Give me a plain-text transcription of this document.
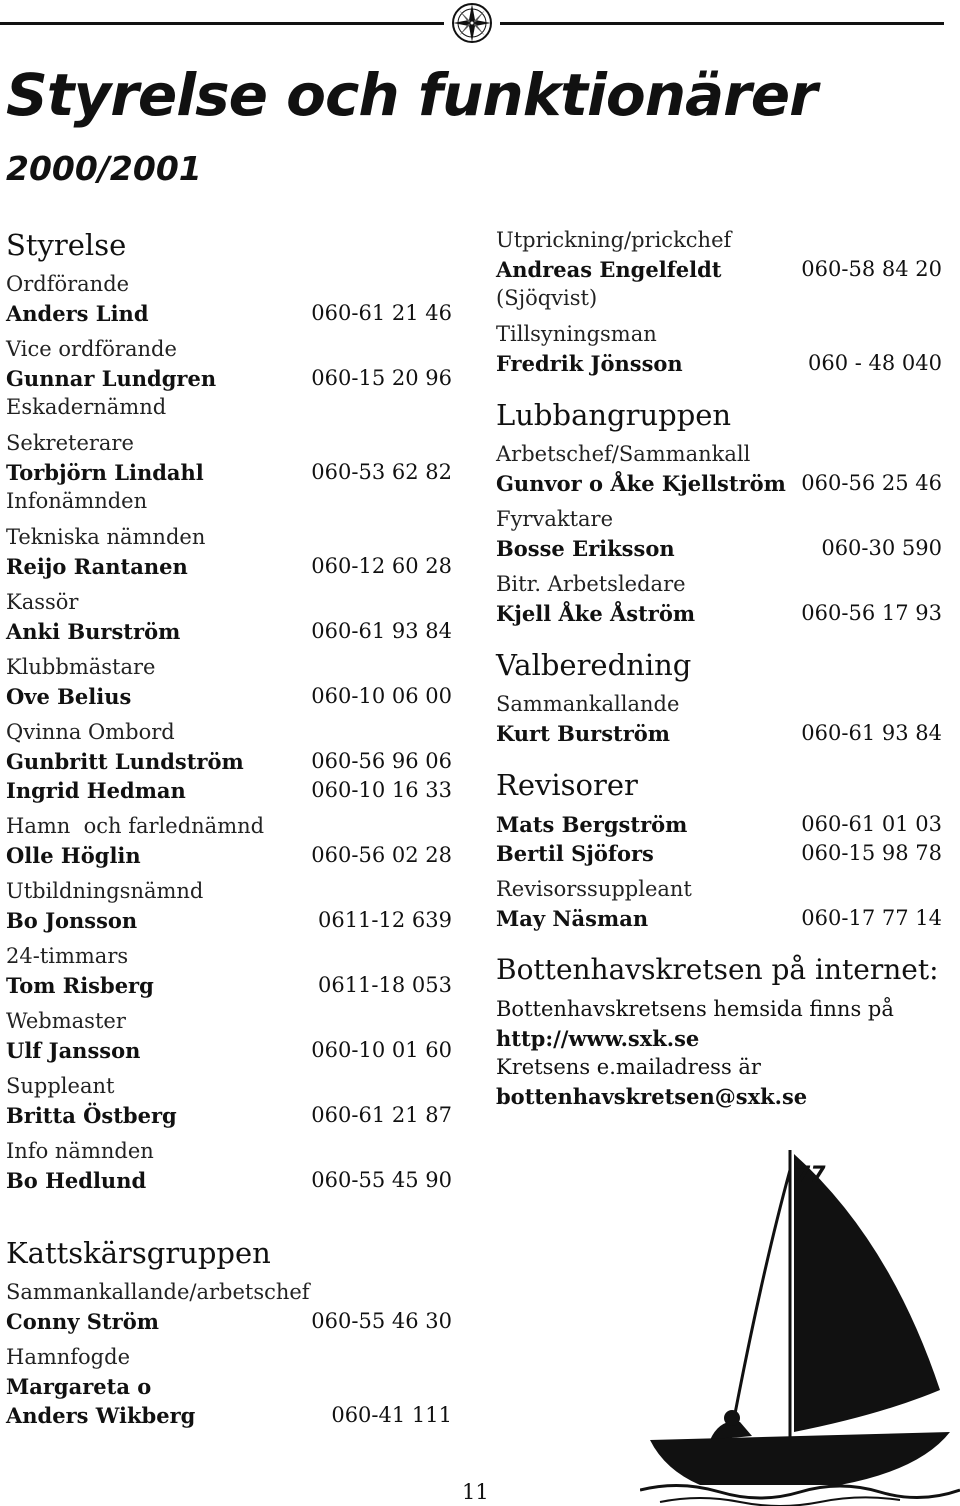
Styrelse och funktionärer
2000/2001
Styrelse
Ordförande
Anders Lind	060-61 21 46
Vice ordförande
Gunnar Lundgren	060-15 20 96
Eskadernämnd
Sekreterare
Torbjörn Lindahl	060-53 62 82
Infonämnden
Tekniska nämnden
Reijo Rantanen	060-12 60 28
Kassör
Anki Burström	060-61 93 84
Klubbmästare
Ove Belius	060-10 06 00
Qvinna Ombord
Gunbritt Lundström	060-56 96 06
Ingrid Hedman	060-10 16 33
Hamn  och farlednämnd
Olle Höglin	060-56 02 28
Utbildningsnämnd
Bo Jonsson	0611-12 639
24-timmars
Tom Risberg	0611-18 053
Webmaster
Ulf Jansson	060-10 01 60
Suppleant
Britta Östberg	060-61 21 87
Info nämnden
Bo Hedlund	060-55 45 90
Kattskärsgruppen
Sammankallande/arbetschef
Conny Ström	060-55 46 30
Hamnfogde
Margareta o
Anders Wikberg	060-41 111
Utprickning/prickchef
Andreas Engelfeldt	060-58 84 20
(Sjöqvist)
Tillsyningsman
Fredrik Jönsson	060 - 48 040
Lubbangruppen
Arbetschef/Sammankall
Gunvor o Åke Kjellström 060-56 25 46
Fyrvaktare
Bosse Eriksson	060-30 590
Bitr. Arbetsledare
Kjell Åke Åström	060-56 17 93
Valberedning
Sammankallande
Kurt Burström	060-61 93 84
Revisorer
Mats Bergström	060-61 01 03
Bertil Sjöfors	060-15 98 78
Revisorssuppleant
May Näsman	060-17 77 14
Bottenhavskretsen på internet:
Bottenhavskretsens hemsida finns på
http://www.sxk.se
Kretsens e.mailadress är
bottenhavskretsen@sxk.se
77
11
